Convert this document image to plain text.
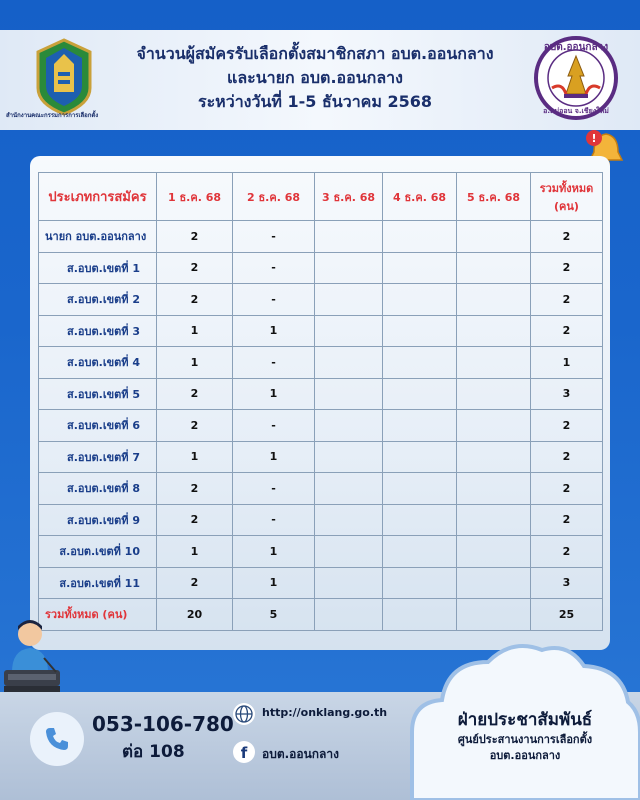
สำนักงานคณะกรรมการการเลือกตั้ง
จำนวนผู้สมัครรับเลือกตั้งสมาชิกสภา อบต.ออนกลาง
และนายก อบต.ออนกลาง
ระหว่างวันที่ 1-5 ธันวาคม 2568
อบต.ออนกลาง
อ.แม่ออน จ.เชียงใหม่
!
ประเภทการสมัคร	1 ธ.ค. 68	2 ธ.ค. 68	3 ธ.ค. 68	4 ธ.ค. 68	5 ธ.ค. 68	รวมทั้งหมด (คน)
นายก อบต.ออนกลาง	2	-				2
ส.อบต.เขตที่ 1	2	-				2
ส.อบต.เขตที่ 2	2	-				2
ส.อบต.เขตที่ 3	1	1				2
ส.อบต.เขตที่ 4	1	-				1
ส.อบต.เขตที่ 5	2	1				3
ส.อบต.เขตที่ 6	2	-				2
ส.อบต.เขตที่ 7	1	1				2
ส.อบต.เขตที่ 8	2	-				2
ส.อบต.เขตที่ 9	2	-				2
ส.อบต.เขตที่ 10	1	1				2
ส.อบต.เขตที่ 11	2	1				3
รวมทั้งหมด (คน)	20	5				25
053-106-780
ต่อ 108
http://onklang.go.th
f อบต.ออนกลาง
ฝ่ายประชาสัมพันธ์
ศูนย์ประสานงานการเลือกตั้ง
อบต.ออนกลาง
